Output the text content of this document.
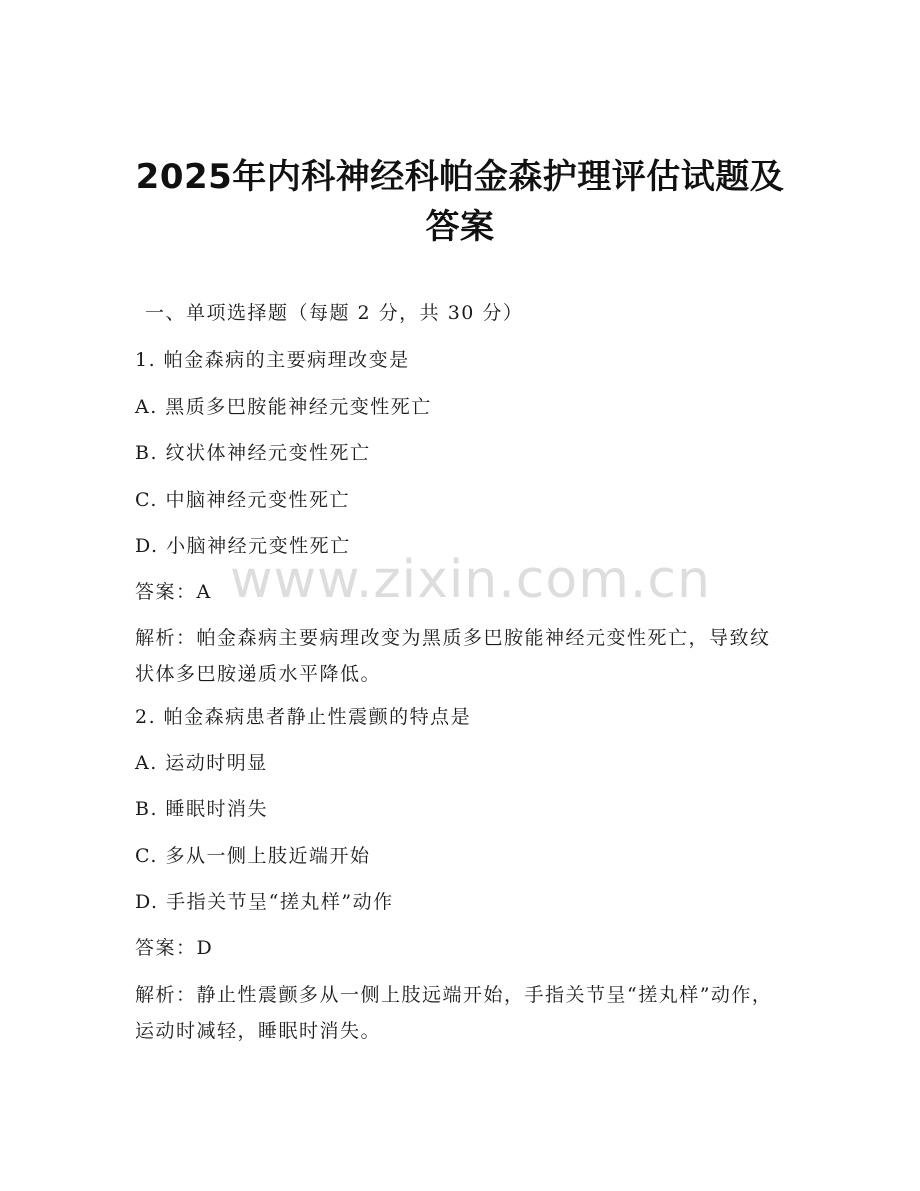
2025年内科神经科帕金森护理评估试题及答案
一、单项选择题（每题 2 分，共 30 分）
1. 帕金森病的主要病理改变是
A. 黑质多巴胺能神经元变性死亡
B. 纹状体神经元变性死亡
C. 中脑神经元变性死亡
D. 小脑神经元变性死亡
答案：A
解析：帕金森病主要病理改变为黑质多巴胺能神经元变性死亡，导致纹状体多巴胺递质水平降低。
2. 帕金森病患者静止性震颤的特点是
A. 运动时明显
B. 睡眠时消失
C. 多从一侧上肢近端开始
D. 手指关节呈“搓丸样”动作
答案：D
解析：静止性震颤多从一侧上肢远端开始，手指关节呈“搓丸样”动作，运动时减轻，睡眠时消失。
www.zixin.com.cn
